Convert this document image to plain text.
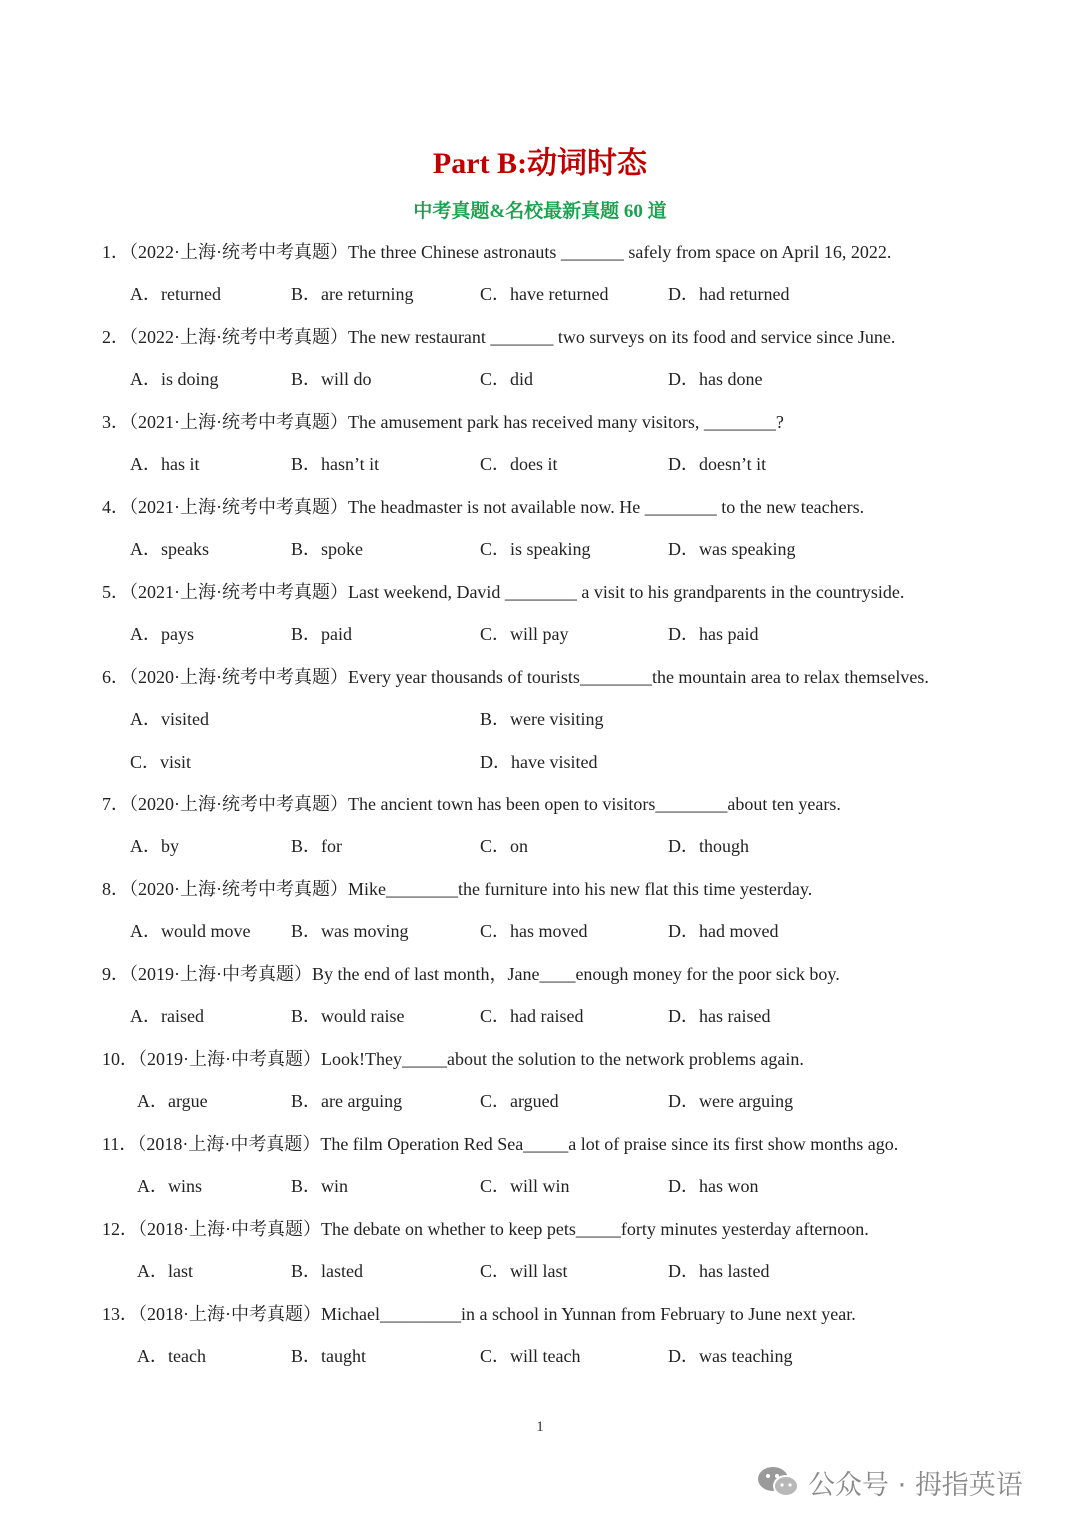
Part B:动词时态
中考真题&名校最新真题 60 道
1．（2022·上海·统考中考真题）The three Chinese astronauts _______ safely from space on April 16, 2022.
A．returned	B．are returning	C．have returned	D．had returned
2．（2022·上海·统考中考真题）The new restaurant _______ two surveys on its food and service since June.
A．is doing	B．will do	C．did	D．has done
3．（2021·上海·统考中考真题）The amusement park has received many visitors, ________?
A．has it	B．hasn’t it	C．does it	D．doesn’t it
4．（2021·上海·统考中考真题）The headmaster is not available now. He ________ to the new teachers.
A．speaks	B．spoke	C．is speaking	D．was speaking
5．（2021·上海·统考中考真题）Last weekend, David ________ a visit to his grandparents in the countryside.
A．pays	B．paid	C．will pay	D．has paid
6．（2020·上海·统考中考真题）Every year thousands of tourists________the mountain area to relax themselves.
A．visited	B．were visiting
C．visit	D．have visited
7．（2020·上海·统考中考真题）The ancient town has been open to visitors________about ten years.
A．by	B．for	C．on	D．though
8．（2020·上海·统考中考真题）Mike________the furniture into his new flat this time yesterday.
A．would move B．was moving	C．has moved	D．had moved
9．（2019·上海·中考真题）By the end of last month，Jane____enough money for the poor sick boy.
A．raised	B．would raise	C．had raised	D．has raised
10．（2019·上海·中考真题）Look!They_____about the solution to the network problems again.
A．argue	B．are arguing	C．argued	D．were arguing
11．（2018·上海·中考真题）The film Operation Red Sea_____a lot of praise since its first show months ago.
A．wins	B．win	C．will win	D．has won
12．（2018·上海·中考真题）The debate on whether to keep pets_____forty minutes yesterday afternoon.
A．last	B．lasted	C．will last	D．has lasted
13．（2018·上海·中考真题）Michael_________in a school in Yunnan from February to June next year.
A．teach	B．taught	C．will teach	D．was teaching
1
公众号 · 拇指英语
